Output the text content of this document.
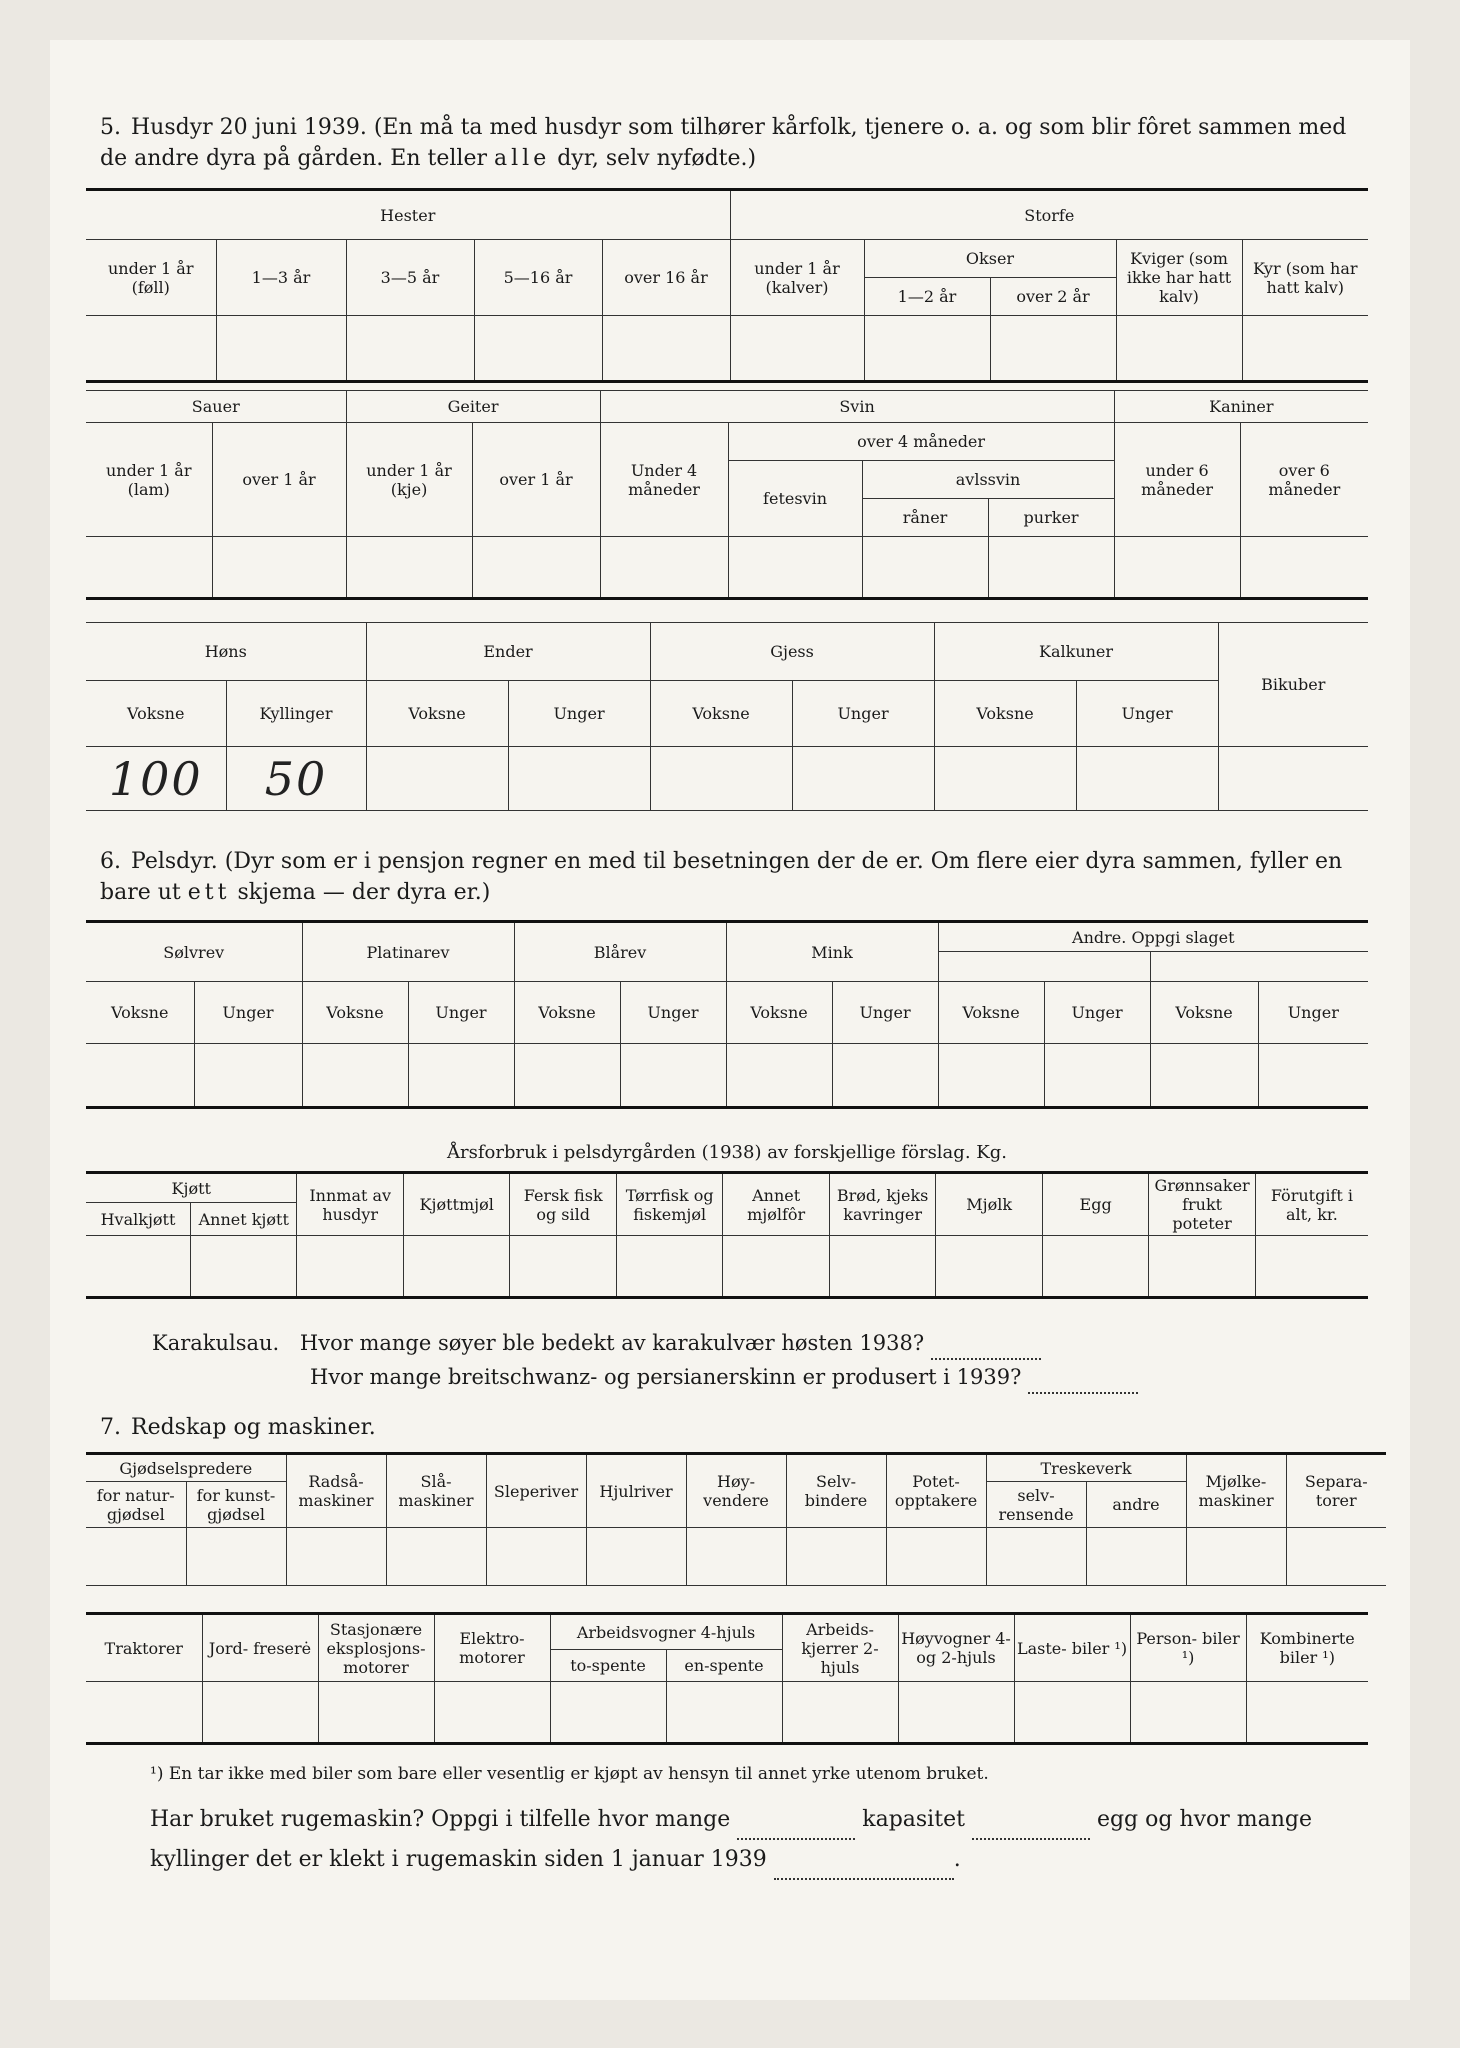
5. Husdyr 20 juni 1939. (En må ta med husdyr som tilhører kårfolk, tjenere o. a. og som blir fôret sammen med de andre dyra på gården. En teller alle dyr, selv nyfødte.)
Hester					Storfe				
under 1 år (føll)	1—3 år	3—5 år	5—16 år	over 16 år	under 1 år (kalver)	Okser		Kviger (som ikke har hatt kalv)	Kyr (som har hatt kalv)
						1—2 år	over 2 år		

Sauer		Geiter		Svin				Kaniner	
under 1 år (lam)	over 1 år	under 1 år (kje)	over 1 år	Under 4 måneder	over 4 måneder			under 6 måneder	over 6 måneder
					fetesvin	avlssvin			
						råner	purker		

Høns		Ender		Gjess		Kalkuner		Bikuber
Voksne	Kyllinger	Voksne	Unger	Voksne	Unger	Voksne	Unger	
100	50							
6. Pelsdyr. (Dyr som er i pensjon regner en med til besetningen der de er. Om flere eier dyra sammen, fyller en bare ut ett skjema — der dyra er.)
Sølvrev		Platinarev		Blårev		Mink		Andre. Oppgi slaget			

Voksne	Unger	Voksne	Unger	Voksne	Unger	Voksne	Unger	Voksne	Unger	Voksne	Unger

Årsforbruk i pelsdyrgården (1938) av forskjellige förslag. Kg.
Kjøtt		Innmat av husdyr	Kjøttmjøl	Fersk fisk og sild	Tørrfisk og fiskemjøl	Annet mjølfôr	Brød, kjeks kavringer	Mjølk	Egg	Grønnsaker frukt poteter	Förutgift i alt, kr.
Hvalkjøtt	Annet kjøtt										

Karakulsau. Hvor mange søyer ble bedekt av karakulvær høsten 1938?
Hvor mange breitschwanz- og persianerskinn er produsert i 1939?
7. Redskap og maskiner.
Gjødselspredere		Radså- maskiner	Slå- maskiner	Sleperiver	Hjulriver	Høy- vendere	Selv- bindere	Potet- opptakere	Treskeverk		Mjølke- maskiner	Separa- torer
for natur- gjødsel	for kunst- gjødsel								selv- rensende	andre		

Traktorer	Jord- freserė	Stasjonære eksplosjons- motorer	Elektro- motorer	Arbeidsvogner 4-hjuls		Arbeids- kjerrer 2-hjuls	Høyvogner 4- og 2-hjuls	Laste- biler ¹)	Person- biler ¹)	Kombinerte biler ¹)
				to-spente	en-spente					

¹) En tar ikke med biler som bare eller vesentlig er kjøpt av hensyn til annet yrke utenom bruket.
Har bruket rugemaskin? Oppgi i tilfelle hvor mange	kapasitet	egg og hvor mange
kyllinger det er klekt i rugemaskin siden 1 januar 1939	.
